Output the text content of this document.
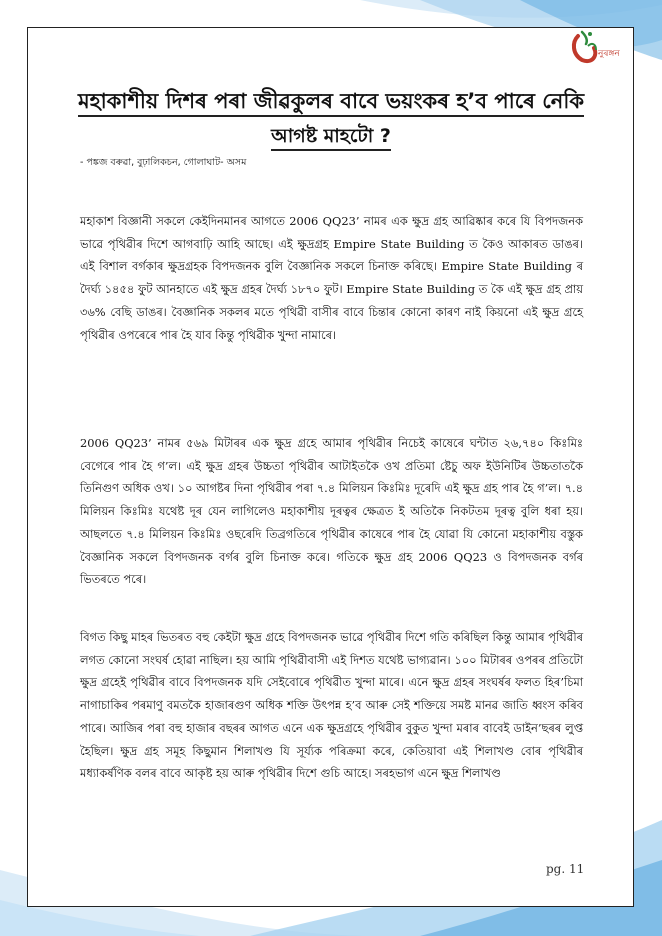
নুৰঙ্গন
মহাকাশীয় দিশৰ পৰা জীৱকুলৰ বাবে ভয়ংকৰ হ’ব পাৰে নেকি
আগষ্ট মাহটো ?
- পঙ্কজ বৰুৱা, বুঢ়ালিকচন, গোলাঘাট- অসম

মহাকাশ বিজ্ঞানী সকলে কেইদিনমানৰ আগতে 2006 QQ23’ নামৰ এক ক্ষুদ্ৰ গ্ৰহ আৱিষ্কাৰ কৰে যি বিপদজনক ভাৱে পৃথিৱীৰ দিশে আগবাঢ়ি আহি আছে। এই ক্ষুদ্ৰগ্ৰহ Empire State Building ত কৈও আকাৰত ডাঙৰ। এই বিশাল বৰ্গকাৰ ক্ষুদ্ৰগ্ৰহক বিপদজনক বুলি বৈজ্ঞানিক সকলে চিনাক্ত কৰিছে। Empire State Building ৰ দৈৰ্ঘ্য ১৪৫৪ ফুট আনহাতে এই ক্ষুদ্ৰ গ্ৰহৰ দৈৰ্ঘ্য ১৮৭০ ফুট। Empire State Building ত কৈ এই ক্ষুদ্ৰ গ্ৰহ প্ৰায় ৩৬% বেছি ডাঙৰ। বৈজ্ঞানিক সকলৰ মতে পৃথিৱী বাসীৰ বাবে চিন্তাৰ কোনো কাৰণ নাই কিয়নো এই ক্ষুদ্ৰ গ্ৰহে পৃথিৱীৰ ওপৰেৰে পাৰ হৈ যাব কিন্তু পৃথিৱীক খুন্দা নামাৰে।

2006 QQ23’ নামৰ ৫৬৯ মিটাৰৰ এক ক্ষুদ্ৰ গ্ৰহে আমাৰ পৃথিৱীৰ নিচেই কাষেৰে ঘন্টাত ২৬,৭৪০ কিঃমিঃ বেগেৰে পাৰ হৈ গ’ল। এই ক্ষুদ্ৰ গ্ৰহৰ উচ্চতা পৃথিৱীৰ আটাইতকৈ ওখ প্ৰতিমা ষ্টেচু অফ ইউনিটিৰ উচ্চতাতকৈ তিনিগুণ অধিক ওখ। ১০ আগষ্টৰ দিনা পৃথিৱীৰ পৰা ৭.৪ মিলিয়ন কিঃমিঃ দূৰেদি এই ক্ষুদ্ৰ গ্ৰহ পাৰ হৈ গ’ল। ৭.৪ মিলিয়ন কিঃমিঃ যথেষ্ট দূৰ যেন লাগিলেও মহাকাশীয় দূৰত্বৰ ক্ষেত্ৰত ই অতিকৈ নিকটতম দূৰত্ব বুলি ধৰা হয়। আছলতে ৭.৪ মিলিয়ন কিঃমিঃ ওছৰেদি তিব্ৰগতিৰে পৃথিৱীৰ কাষেৰে পাৰ হৈ যোৱা যি কোনো মহাকাশীয় বস্তুক বৈজ্ঞানিক সকলে বিপদজনক বৰ্গৰ বুলি চিনাক্ত কৰে। গতিকে ক্ষুদ্ৰ গ্ৰহ 2006 QQ23 ও বিপদজনক বৰ্গৰ ভিতৰতে পৰে।

বিগত কিছু মাহৰ ভিতৰত বহু কেইটা ক্ষুদ্ৰ গ্ৰহে বিপদজনক ভাৱে পৃথিৱীৰ দিশে গতি কৰিছিল কিন্তু আমাৰ পৃথিৱীৰ লগত কোনো সংঘৰ্ষ হোৱা নাছিল। হয় আমি পৃথিৱীবাসী এই দিশত যথেষ্ট ভাগ্যৱান। ১০০ মিটাৰৰ ওপৰৰ প্ৰতিটো ক্ষুদ্ৰ গ্ৰহেই পৃথিৱীৰ বাবে বিপদজনক যদি সেইবোৰে পৃথিৱীত খুন্দা মাৰে। এনে ক্ষুদ্ৰ গ্ৰহৰ সংঘৰ্ষৰ ফলত হিৰ’চিমা নাগাচাকিৰ পৰমাণু বমতকৈ হাজাৰগুণ অধিক শক্তি উৎপন্ন হ’ব আৰু সেই শক্তিয়ে সমষ্ট মানৱ জাতি ধ্বংস কৰিব পাৰে। আজিৰ পৰা বহু হাজাৰ বছৰৰ আগত এনে এক ক্ষুদ্ৰগ্ৰহে পৃথিৱীৰ বুকুত খুন্দা মৰাৰ বাবেই ডাইন’ছৰৰ লুপ্ত হৈছিল। ক্ষুদ্ৰ গ্ৰহ সমূহ কিছুমান শিলাখণ্ড যি সূৰ্য্যক পৰিক্ৰমা কৰে, কেতিয়াবা এই শিলাখণ্ড বোৰ পৃথিৱীৰ মধ্যাকৰ্ষণিক বলৰ বাবে আকৃষ্ট হয় আৰু পৃথিৱীৰ দিশে গুচি আহে। সৰহভাগ এনে ক্ষুদ্ৰ শিলাখণ্ড

pg. 11
